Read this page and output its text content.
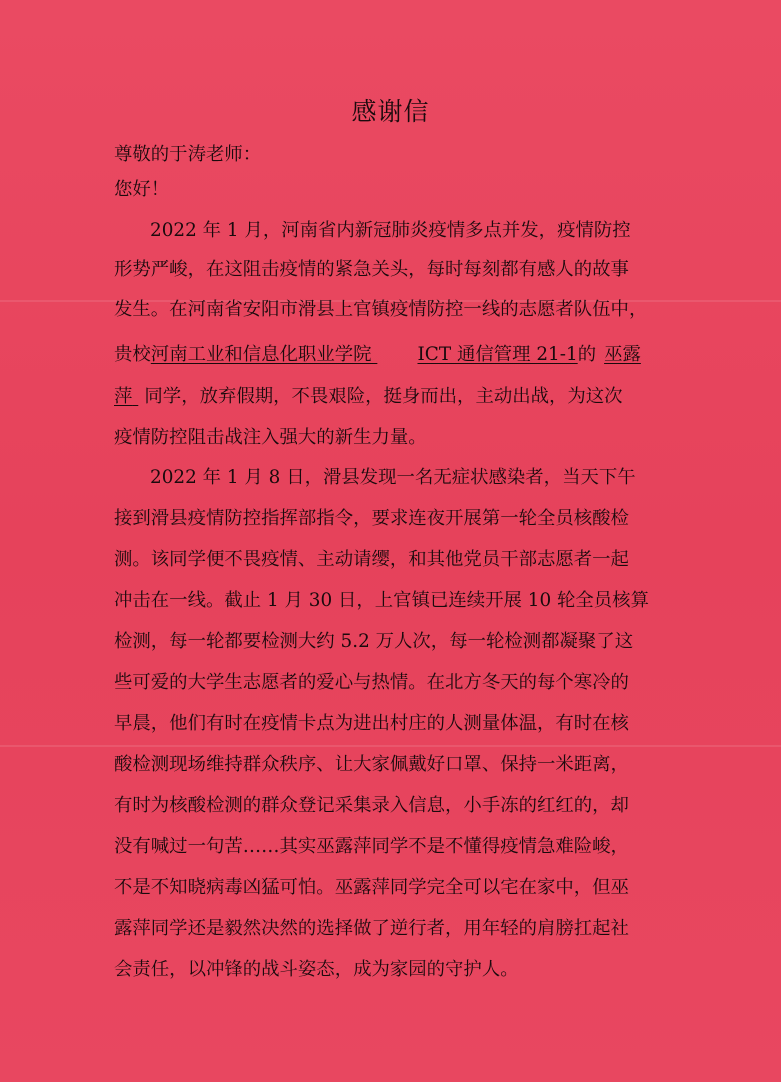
感谢信

尊敬的于涛老师：

您好！

2022 年 1 月，河南省内新冠肺炎疫情多点并发，疫情防控

形势严峻，在这阻击疫情的紧急关头，每时每刻都有感人的故事

发生。在河南省安阳市滑县上官镇疫情防控一线的志愿者队伍中，

贵校河南工业和信息化职业学院	ICT 通信管理 21-1的 巫露

萍 同学，放弃假期，不畏艰险，挺身而出，主动出战，为这次

疫情防控阻击战注入强大的新生力量。

2022 年 1 月 8 日，滑县发现一名无症状感染者，当天下午

接到滑县疫情防控指挥部指令，要求连夜开展第一轮全员核酸检

测。该同学便不畏疫情、主动请缨，和其他党员干部志愿者一起

冲击在一线。截止 1 月 30 日，上官镇已连续开展 10 轮全员核算

检测，每一轮都要检测大约 5.2 万人次，每一轮检测都凝聚了这

些可爱的大学生志愿者的爱心与热情。在北方冬天的每个寒冷的

早晨，他们有时在疫情卡点为进出村庄的人测量体温，有时在核

酸检测现场维持群众秩序、让大家佩戴好口罩、保持一米距离，

有时为核酸检测的群众登记采集录入信息，小手冻的红红的，却

没有喊过一句苦……其实巫露萍同学不是不懂得疫情急难险峻，

不是不知晓病毒凶猛可怕。巫露萍同学完全可以宅在家中，但巫

露萍同学还是毅然决然的选择做了逆行者，用年轻的肩膀扛起社

会责任，以冲锋的战斗姿态，成为家园的守护人。
